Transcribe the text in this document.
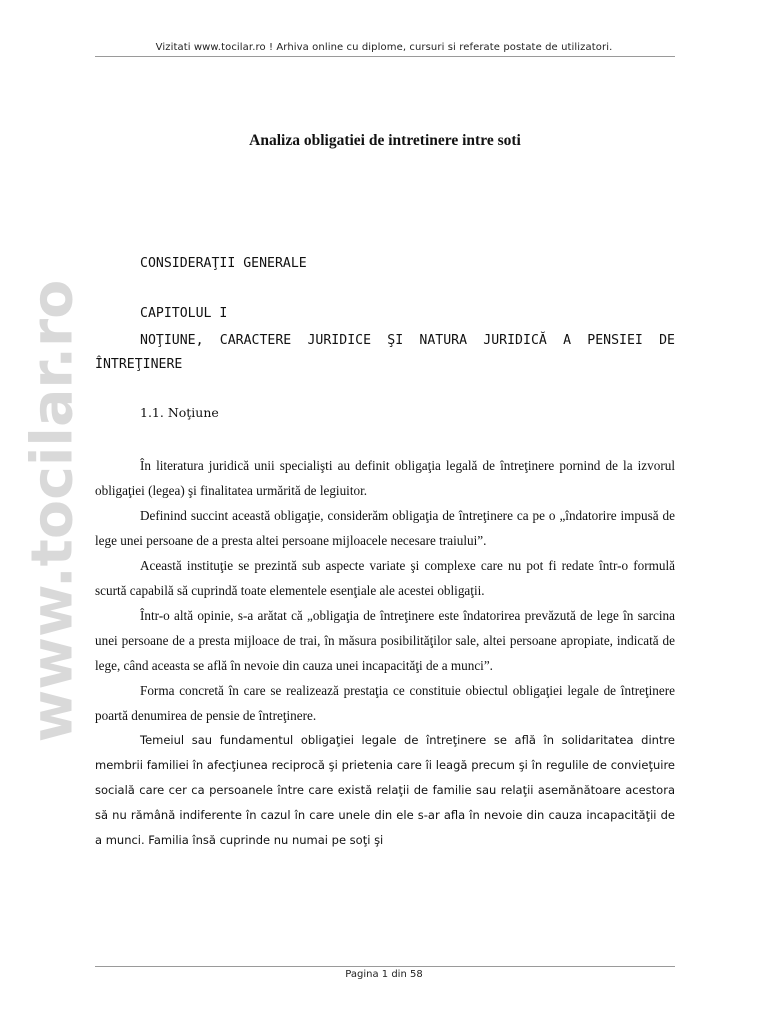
Vizitati www.tocilar.ro ! Arhiva online cu diplome, cursuri si referate postate de utilizatori.
www.tocilar.ro
Analiza obligatiei de intretinere intre soti

CONSIDERAŢII GENERALE

CAPITOLUL I

NOŢIUNE, CARACTERE JURIDICE ŞI NATURA JURIDICĂ A PENSIEI DE

ÎNTREŢINERE

1.1. Noţiune

În literatura juridică unii specialişti au definit obligaţia legală de întreţinere pornind de la izvorul obligaţiei (legea) şi finalitatea urmărită de legiuitor.

Definind succint această obligaţie, considerăm obligaţia de întreţinere ca pe o „îndatorire impusă de lege unei persoane de a presta altei persoane mijloacele necesare traiului”.

Această instituţie se prezintă sub aspecte variate şi complexe care nu pot fi redate într-o formulă scurtă capabilă să cuprindă toate elementele esenţiale ale acestei obligaţii.

Într-o altă opinie, s-a arătat că „obligaţia de întreţinere este îndatorirea prevăzută de lege în sarcina unei persoane de a presta mijloace de trai, în măsura posibilităţilor sale, altei persoane apropiate, indicată de lege, când aceasta se află în nevoie din cauza unei incapacităţi de a munci”.

Forma concretă în care se realizează prestaţia ce constituie obiectul obligaţiei legale de întreţinere poartă denumirea de pensie de întreţinere.

Temeiul sau fundamentul obligaţiei legale de întreţinere se află în solidaritatea dintre membrii familiei în afecţiunea reciprocă şi prietenia care îi leagă precum şi în regulile de convieţuire socială care cer ca persoanele între care există relaţii de familie sau relaţii asemănătoare acestora să nu rămână indiferente în cazul în care unele din ele s-ar afla în nevoie din cauza incapacităţii de a munci. Familia însă cuprinde nu numai pe soţi şi

Pagina 1 din 58
